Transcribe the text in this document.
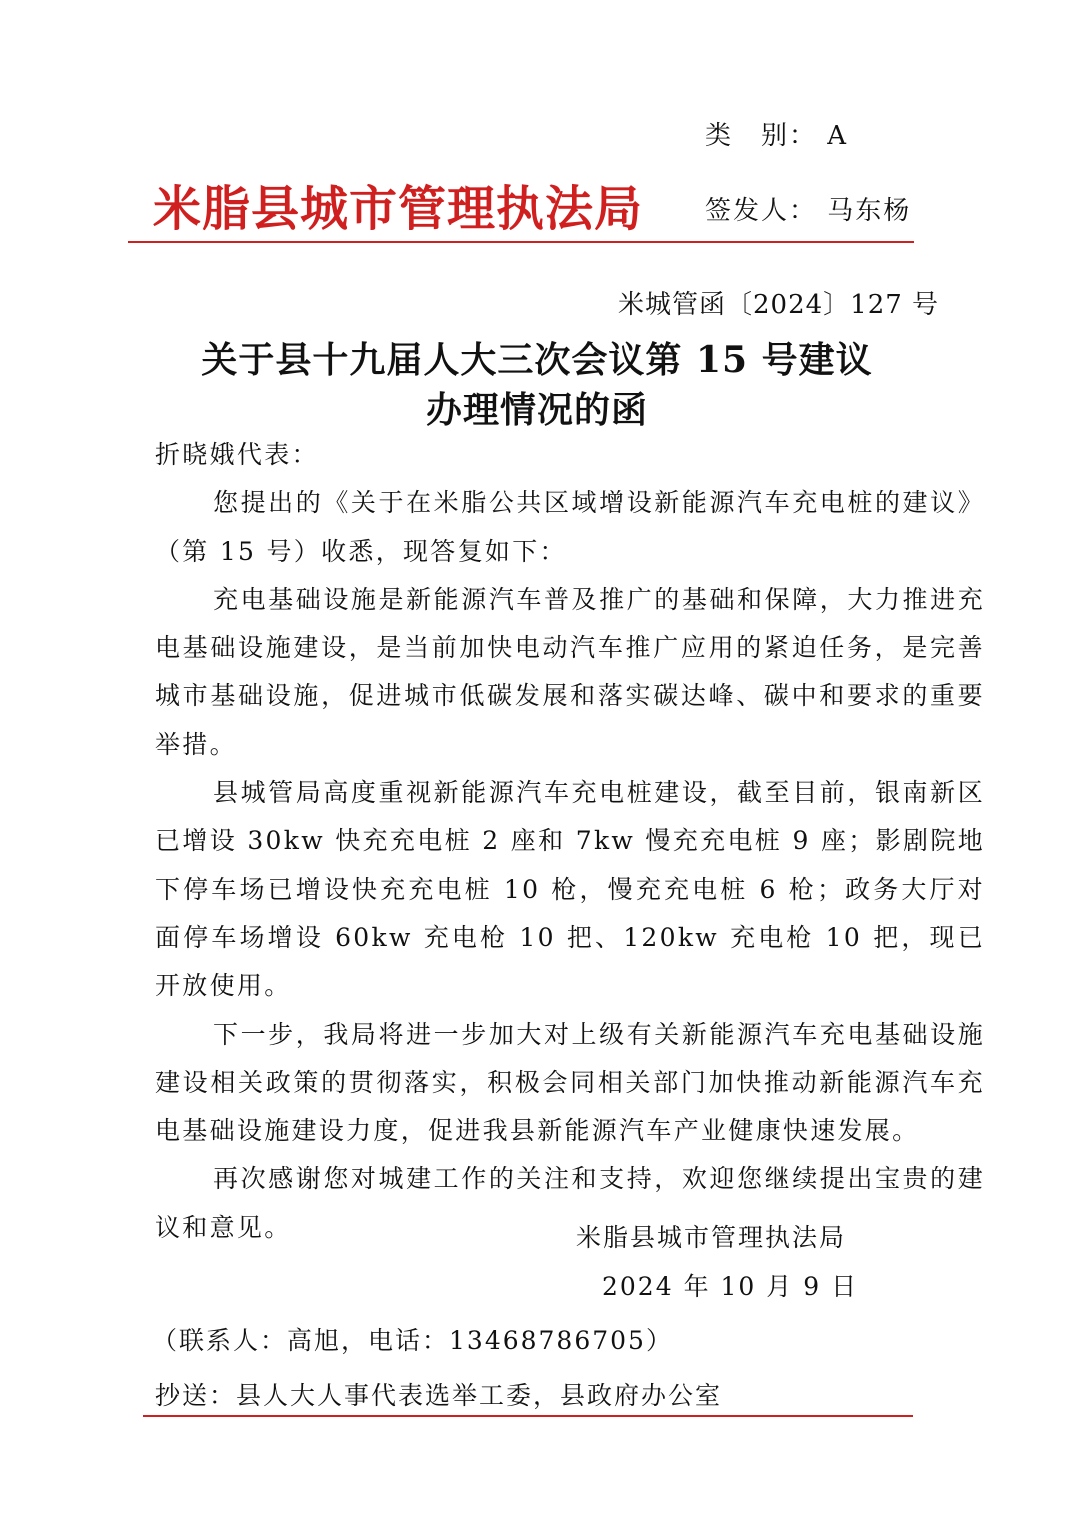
类　别： A
米脂县城市管理执法局 签发人： 马东杨
米城管函〔2024〕127 号
关于县十九届人大三次会议第 15 号建议
办理情况的函

折晓娥代表：

您提出的《关于在米脂公共区域增设新能源汽车充电桩的建议》（第 15 号）收悉，现答复如下：

充电基础设施是新能源汽车普及推广的基础和保障，大力推进充电基础设施建设，是当前加快电动汽车推广应用的紧迫任务，是完善城市基础设施，促进城市低碳发展和落实碳达峰、碳中和要求的重要举措。

县城管局高度重视新能源汽车充电桩建设，截至目前，银南新区已增设 30kw 快充充电桩 2 座和 7kw 慢充充电桩 9 座；影剧院地下停车场已增设快充充电桩 10 枪，慢充充电桩 6 枪；政务大厅对面停车场增设 60kw 充电枪 10 把、120kw 充电枪 10 把，现已开放使用。

下一步，我局将进一步加大对上级有关新能源汽车充电基础设施建设相关政策的贯彻落实，积极会同相关部门加快推动新能源汽车充电基础设施建设力度，促进我县新能源汽车产业健康快速发展。

再次感谢您对城建工作的关注和支持，欢迎您继续提出宝贵的建议和意见。	米脂县城市管理执法局
2024 年 10 月 9 日
（联系人：高旭，电话：13468786705）
抄送：县人大人事代表选举工委，县政府办公室
